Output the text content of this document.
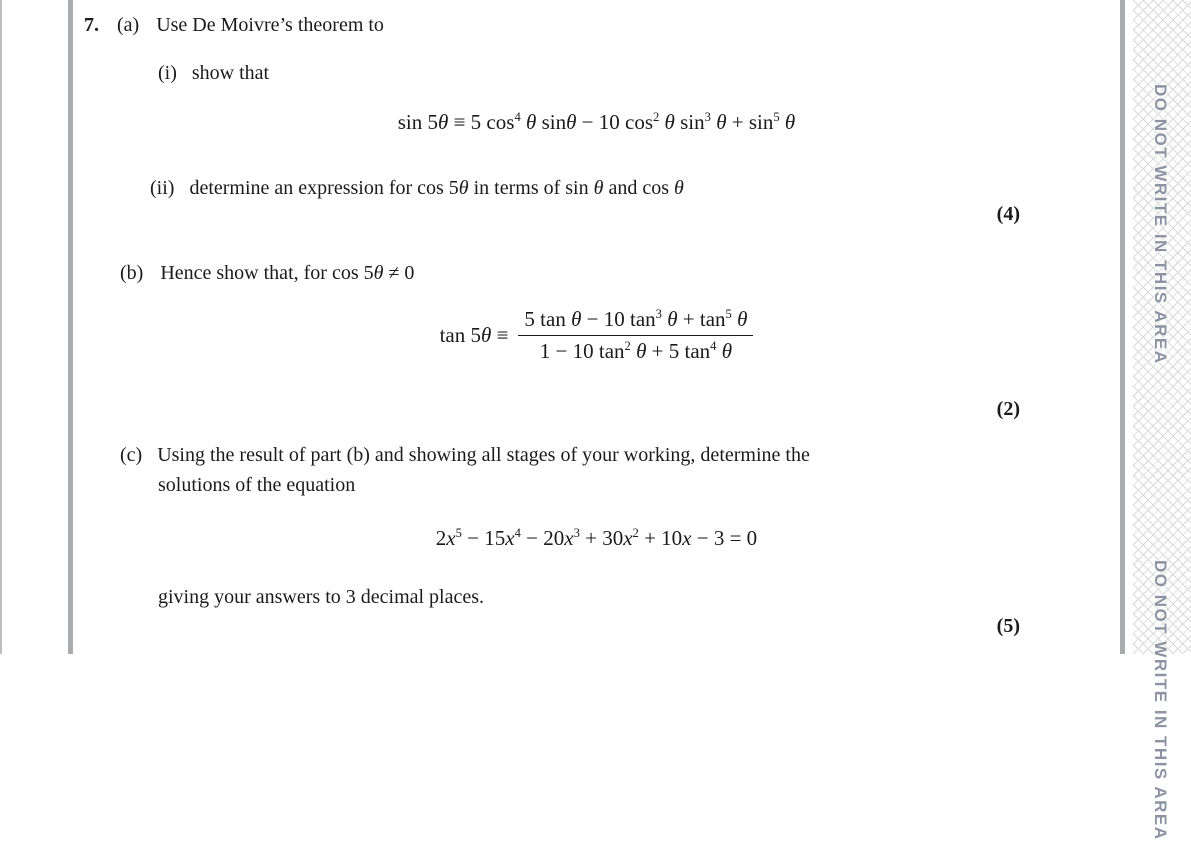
7. (a) Use De Moivre’s theorem to
(i) show that
sin 5θ ≡ 5 $\cos^4 \theta$ sinθ − 10 $\cos^2 \theta$ $\sin^3 \theta + \sin^5 \theta$
(ii) determine an expression for cos 5θ in terms of sin θ and cos θ
(4)
(b) Hence show that, for cos 5θ ≠ 0
$\tan 5\theta \equiv \frac{5 \tan \theta - 10 \tan^3 \theta + \tan^5 \theta}{1 - 10 \tan^2 \theta + 5 \tan^4 \theta}$
(2)
(c) Using the result of part (b) and showing all stages of your working, determine the
solutions of the equation
$2x^5 - 15x^4 - 20x^3 + 30x^2 + 10x - 3 = 0$
giving your answers to 3 decimal places.
(5)
DO NOT WRITE IN THIS AREA
DO NOT WRITE IN THIS AREA
